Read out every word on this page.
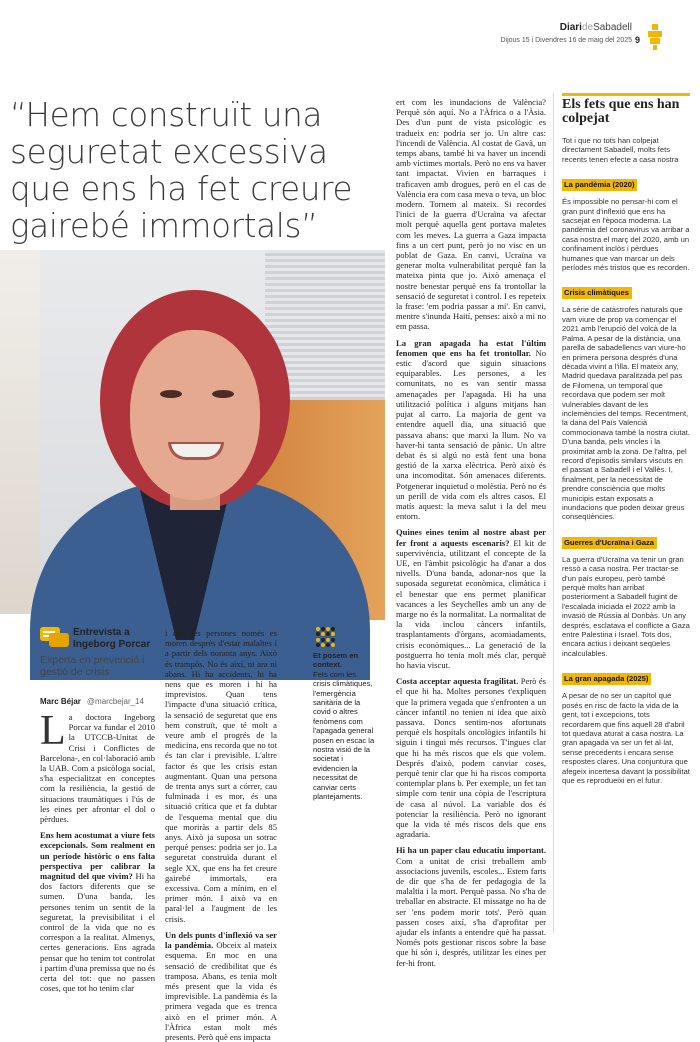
DiarideSabadell
Dijous 15 i Divendres 16 de maig del 2025 9
“Hem construït una seguretat excessiva que ens ha fet creure gairebé immortals”
Entrevista a Ingeborg Porcar
Experta en prevenció i gestió de crisis
Marc Béjar @marcbejar_14

La doctora Ingeborg Porcar va fundar el 2010 la UTCCB-Unitat de Crisi i Conflictes de Barcelona-, en col·laboració amb la UAB. Com a psicòloga social, s'ha especialitzat en conceptes com la resiliència, la gestió de situacions traumàtiques i l'ús de les eines per afrontar el dol o pèrdues.

Ens hem acostumat a viure fets excepcionals. Som realment en un període històric o ens falta perspectiva per calibrar la magnitud del que vivim? Hi ha dos factors diferents que se sumen. D'una banda, les persones tenim un sentit de la seguretat, la previsibilitat i el control de la vida que no es correspon a la realitat. Almenys, certes generacions. Ens agrada pensar que ho tenim tot controlat i partim d'una premissa que no és certa del tot: que no passen coses, que tot ho tenim clar

i que les persones només es moren després d'estar malaltes i a partir dels noranta anys. Això és trampós. No és així, ni ara ni abans. Hi ha accidents, hi ha nens que es moren i hi ha imprevistos. Quan tens l'impacte d'una situació crítica, la sensació de seguretat que ens hem construït, que té molt a veure amb el progrés de la medicina, ens recorda que no tot és tan clar i previsible. L'altre factor és que les crisis estan augmentant. Quan una persona de trenta anys surt a córrer, cau fulminada i es mor, és una situació crítica que et fa dubtar de l'esquema mental que diu que moriràs a partir dels 85 anys. Això ja suposa un sotrac perquè penses: podria ser jo. La seguretat construïda durant el segle XX, que ens ha fet creure gairebé immortals, era excessiva. Com a mínim, en el primer món. I això va en paral·lel a l'augment de les crisis.

Un dels punts d'inflexió va ser la pandèmia. Obceix al mateix esquema. En moc en una sensació de credibilitat que és tramposa. Abans, es tenia molt més present que la vida és imprevisible. La pandèmia és la primera vegada que es trenca això en el primer món. A l'Àfrica estan molt més presents. Però què ens impacta

Et posem en context.
Fets com les crisis climàtiques, l'emergència sanitària de la covid o altres fenòmens com l'apagada general posen en escac la nostra visió de la societat i evidencien la necessitat de canviar certs plantejaments.

ert com les inundacions de València? Perquè són aquí. No a l'Àfrica o a l'Àsia. Des d'un punt de vista psicològic es tradueix en: podria ser jo. Un altre cas: l'incendi de València. Al costat de Gavà, un temps abans, també hi va haver un incendi amb víctimes mortals. Però no ens va haver tant impactat. Vivien en barraques i traficaven amb drogues, però en el cas de València era com casa meva o teva, un bloc modern. Tornem al mateix. Si recordes l'inici de la guerra d'Ucraïna va afectar molt perquè aquella gent portava maletes com les meves. La guerra a Gaza impacta fins a un cert punt, però jo no visc en un poblat de Gaza. En canvi, Ucraïna va generar molta vulnerabilitat perquè fan la mateixa pinta que jo. Això amenaça el nostre benestar perquè ens fa trontollar la sensació de seguretat i control. I es repeteix la frase: 'em podria passar a mi'. En canvi, mentre s'inunda Haití, penses: això a mi no em passa.

La gran apagada ha estat l'últim fenomen que ens ha fet trontollar. No estic d'acord que siguin situacions equiparables. Les persones, a les comunitats, no es van sentir massa amenaçades per l'apagada. Hi ha una utilització política i alguns mitjans han pujat al carro. La majoria de gent va entendre aquell dia, una situació que passava abans: que marxi la llum. No va haver-hi tanta sensació de pànic. Un altre debat és si algú no està fent una bona gestió de la xarxa elèctrica. Però això és una incomoditat. Són amenaces diferents. Potgenerar inquietud o molèstia. Però no és un perill de vida com els altres casos. El matís aquest: la meva salut i la del meu entorn.

Quines eines tenim al nostre abast per fer front a aquests escenaris? El kit de supervivència, utilitzant el concepte de la UE, en l'àmbit psicològic ha d'anar a dos nivells. D'una banda, adonar-nos que la suposada seguretat econòmica, climàtica i el benestar que ens permet planificar vacances a les Seychelles amb un any de marge no és la normalitat. La normalitat de la vida inclou càncers infantils, trasplantaments d'òrgans, acomiadaments, crisis econòmiques... La generació de la postguerra ho tenia molt més clar, perquè ho havia viscut.

Costa acceptar aquesta fragilitat. Però és el que hi ha. Moltes persones t'expliquen que la primera vegada que s'enfronten a un càncer infantil no tenien ni idea que això passava. Doncs sentim-nos afortunats perquè els hospitals oncològics infantils hi siguin i tingui més recursos. T'ingues clar que hi ha més riscos que els que volem. Després d'això, podem canviar coses, perquè tenir clar que hi ha riscos comporta contemplar plans b. Per exemple, un fet tan simple com tenir una còpia de l'escriptura de casa al núvol. La variable dos és potenciar la resiliència. Però no ignorant que la vida té més riscos dels que ens agradaria.

Hi ha un paper clau educatiu important. Com a unitat de crisi treballem amb associacions juvenils, escoles... Estem farts de dir que s'ha de fer pedagogia de la malaltia i la mort. Perquè passa. No s'ha de treballar en abstracte. El missatge no ha de ser 'ens podem morir tots'. Però quan passen coses així, s'ha d'aprofitar per ajudar els infants a entendre què ha passat. Només pots gestionar riscos sobre la base que hi són i, després, utilitzar les eines per fer-hi front.

Els fets que ens han colpejat
Tot i que no tots han colpejat directament Sabadell, molts fets recents tenen efecte a casa nostra
La pandèmia (2020)

És impossible no pensar-hi com el gran punt d'inflexió que ens ha sacsejat en l'època moderna. La pandèmia del coronavirus va arribar a casa nostra el març del 2020, amb un confinament inclòs i pèrdues humanes que van marcar un dels períodes més tristos que es recorden.

Crisis climàtiques

La sèrie de catàstrofes naturals que vam viure de prop va començar el 2021 amb l'erupció del volcà de la Palma. A pesar de la distància, una parella de sabadellencs van viure-ho en primera persona després d'una dècada vivint a l'illa. El mateix any, Madrid quedava paralitzada pel pas de Filomena, un temporal que recordava que podem ser molt vulnerables davant de les inclemències del temps. Recentment, la dana del País Valencià commocionava també la nostra ciutat. D'una banda, pels vincles i la proximitat amb la zona. De l'altra, pel record d'episodis similars viscuts en el passat a Sabadell i el Vallès. I, finalment, per la necessitat de prendre consciència que molts municipis estan exposats a inundacions que poden deixar greus conseqüències.

Guerres d'Ucraïna i Gaza

La guerra d'Ucraïna va tenir un gran ressò a casa nostra. Per tractar-se d'un país europeu, però també perquè molts han arribat posteriorment a Sabadell fugint de l'escalada iniciada el 2022 amb la invasió de Rússia al Donbàs. Un any després, esclatava el conflicte a Gaza entre Palestina i Israel. Tots dos, encara actius i deixant seqüeles incalculables.

La gran apagada (2025)

A pesar de no ser un capítol que posés en risc de facto la vida de la gent, tot i excepcions, tots recordarem que fins aquell 28 d'abril tot quedava aturat a casa nostra. La gran apagada va ser un fet al·lat, sense precedents i encara sense respostes clares. Una conjuntura que afegeix incertesa davant la possibilitat que es reprodueixi en el futur.
